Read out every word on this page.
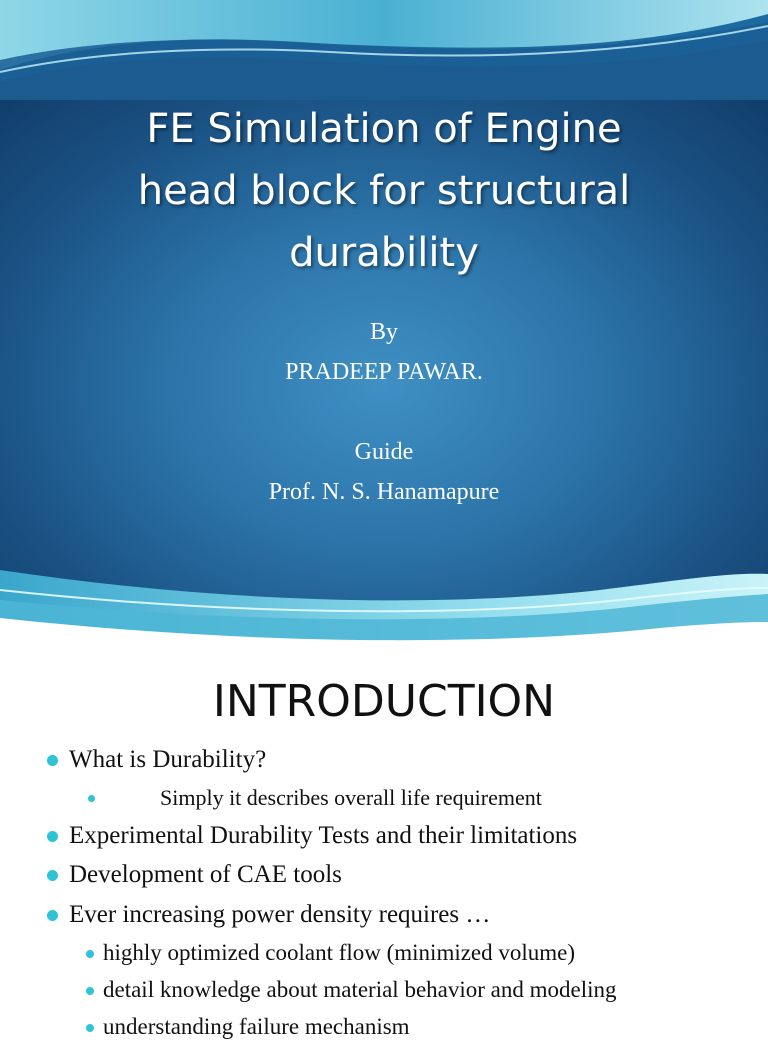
FE Simulation of Engine
head block for structural
durability
By
PRADEEP PAWAR.
Guide
Prof. N. S. Hanamapure
INTRODUCTION
What is Durability?
Simply it describes overall life requirement
Experimental Durability Tests and their limitations
Development of CAE tools
Ever increasing power density requires …
highly optimized coolant flow (minimized volume)
detail knowledge about material behavior and modeling
understanding failure mechanism
